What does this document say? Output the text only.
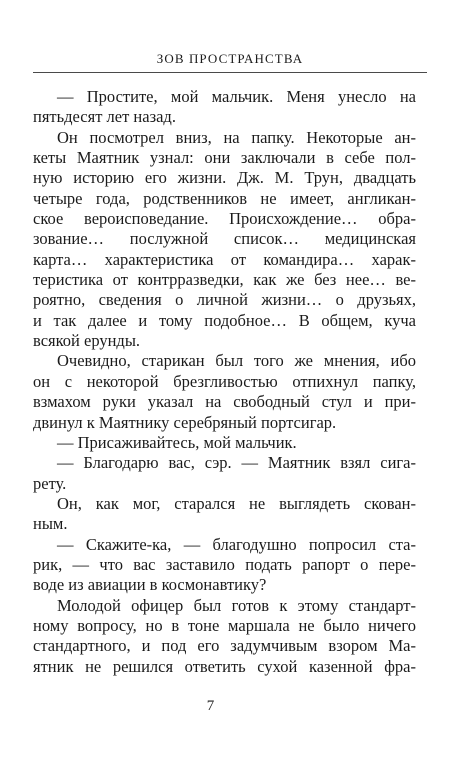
ЗОВ ПРОСТРАНСТВА
— Простите, мой мальчик. Меня унесло на
пятьдесят лет назад.
Он посмотрел вниз, на папку. Некоторые ан-
кеты Маятник узнал: они заключали в себе пол-
ную историю его жизни. Дж. М. Трун, двадцать
четыре года, родственников не имеет, англикан-
ское вероисповедание. Происхождение… обра-
зование… послужной список… медицинская
карта… характеристика от командира… харак-
теристика от контрразведки, как же без нее… ве-
роятно, сведения о личной жизни… о друзьях,
и так далее и тому подобное… В общем, куча
всякой ерунды.
Очевидно, старикан был того же мнения, ибо
он с некоторой брезгливостью отпихнул папку,
взмахом руки указал на свободный стул и при-
двинул к Маятнику серебряный портсигар.
— Присаживайтесь, мой мальчик.
— Благодарю вас, сэр. — Маятник взял сига-
рету.
Он, как мог, старался не выглядеть скован-
ным.
— Скажите-ка, — благодушно попросил ста-
рик, — что вас заставило подать рапорт о пере-
воде из авиации в космонавтику?
Молодой офицер был готов к этому стандарт-
ному вопросу, но в тоне маршала не было ничего
стандартного, и под его задумчивым взором Ма-
ятник не решился ответить сухой казенной фра-
7
